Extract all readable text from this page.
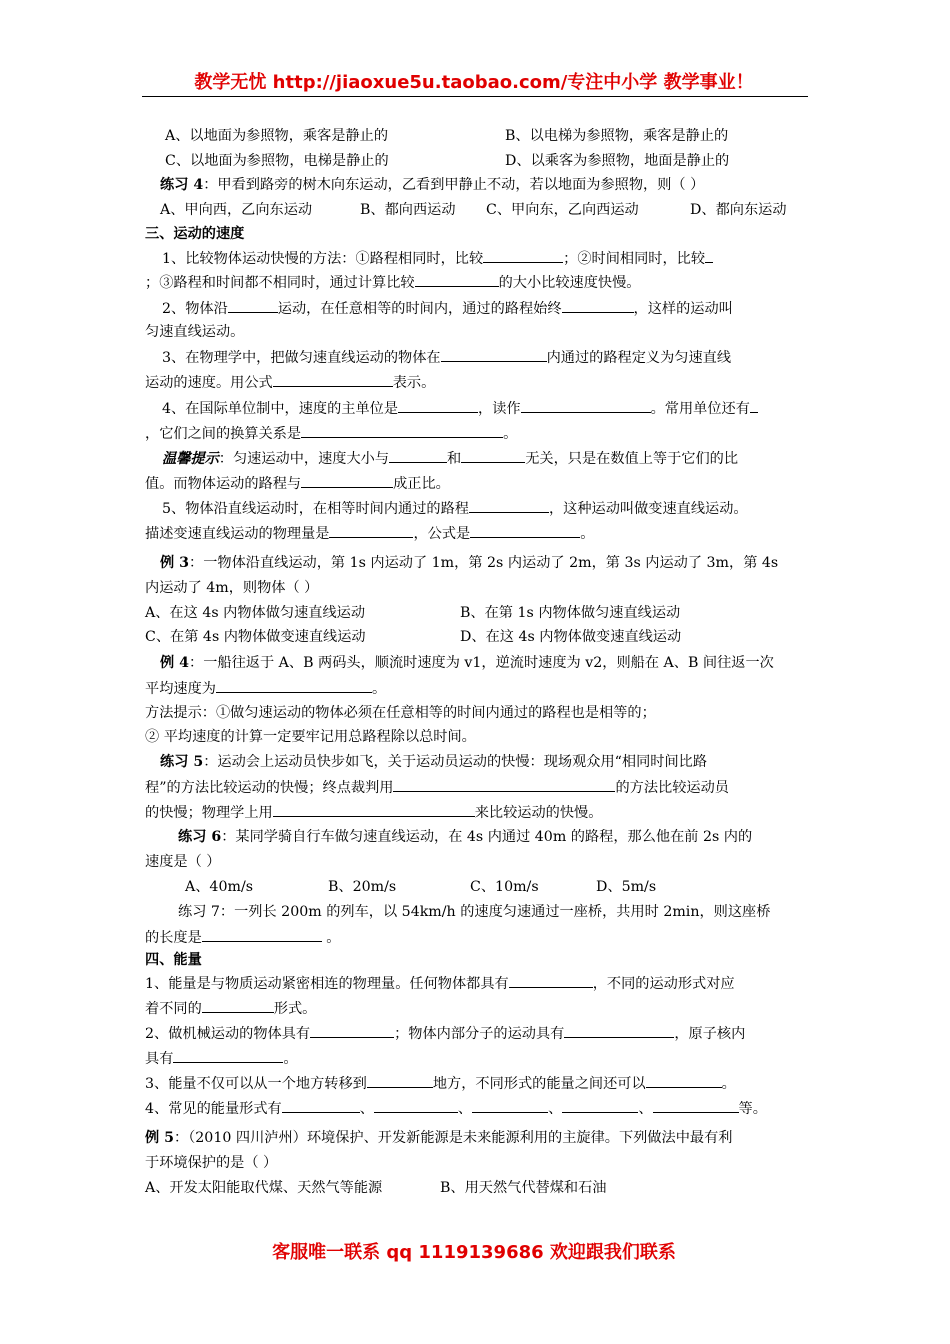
教学无忧 http://jiaoxue5u.taobao.com/专注中小学 教学事业！
A、以地面为参照物，乘客是静止的	B、以电梯为参照物，乘客是静止的
C、以地面为参照物，电梯是静止的	D、以乘客为参照物，地面是静止的
练习 4：甲看到路旁的树木向东运动，乙看到甲静止不动，若以地面为参照物，则（ ）
A、甲向西，乙向东运动	B、都向西运动 C、甲向东，乙向西运动	D、都向东运动
三、运动的速度
1、比较物体运动快慢的方法：①路程相同时，比较	；②时间相同时，比较
；③路程和时间都不相同时，通过计算比较	的大小比较速度快慢。
2、物体沿	运动，在任意相等的时间内，通过的路程始终	，这样的运动叫
匀速直线运动。
3、在物理学中，把做匀速直线运动的物体在	内通过的路程定义为匀速直线
运动的速度。用公式	表示。
4、在国际单位制中，速度的主单位是	，读作	。常用单位还有
，它们之间的换算关系是	。
温馨提示：匀速运动中，速度大小与	和	无关，只是在数值上等于它们的比
值。而物体运动的路程与	成正比。
5、物体沿直线运动时，在相等时间内通过的路程	，这种运动叫做变速直线运动。
描述变速直线运动的物理量是	，公式是	。
例 3：一物体沿直线运动，第 1s 内运动了 1m，第 2s 内运动了 2m，第 3s 内运动了 3m，第 4s
内运动了 4m，则物体（ ）
A、在这 4s 内物体做匀速直线运动	B、在第 1s 内物体做匀速直线运动
C、在第 4s 内物体做变速直线运动	D、在这 4s 内物体做变速直线运动
例 4：一船往返于 A、B 两码头，顺流时速度为 v1，逆流时速度为 v2，则船在 A、B 间往返一次
平均速度为	。
方法提示：①做匀速运动的物体必须在任意相等的时间内通过的路程也是相等的；
② 平均速度的计算一定要牢记用总路程除以总时间。
练习 5：运动会上运动员快步如飞，关于运动员运动的快慢：现场观众用“相同时间比路
程”的方法比较运动的快慢；终点裁判用	的方法比较运动员
的快慢；物理学上用	来比较运动的快慢。
练习 6：某同学骑自行车做匀速直线运动，在 4s 内通过 40m 的路程，那么他在前 2s 内的
速度是（ ）
A、40m/s	B、20m/s	C、10m/s	D、5m/s
练习 7：一列长 200m 的列车，以 54km/h 的速度匀速通过一座桥，共用时 2min，则这座桥
的长度是	。
四、能量
1、能量是与物质运动紧密相连的物理量。任何物体都具有	，不同的运动形式对应
着不同的	形式。
2、做机械运动的物体具有	；物体内部分子的运动具有	，原子核内
具有	。
3、能量不仅可以从一个地方转移到	地方，不同形式的能量之间还可以	。
4、常见的能量形式有	、	、	、	、	等。
例 5：（2010 四川泸州）环境保护、开发新能源是未来能源利用的主旋律。下列做法中最有利
于环境保护的是（ ）
A、开发太阳能取代煤、天然气等能源	B、用天然气代替煤和石油
客服唯一联系 qq 1119139686 欢迎跟我们联系
